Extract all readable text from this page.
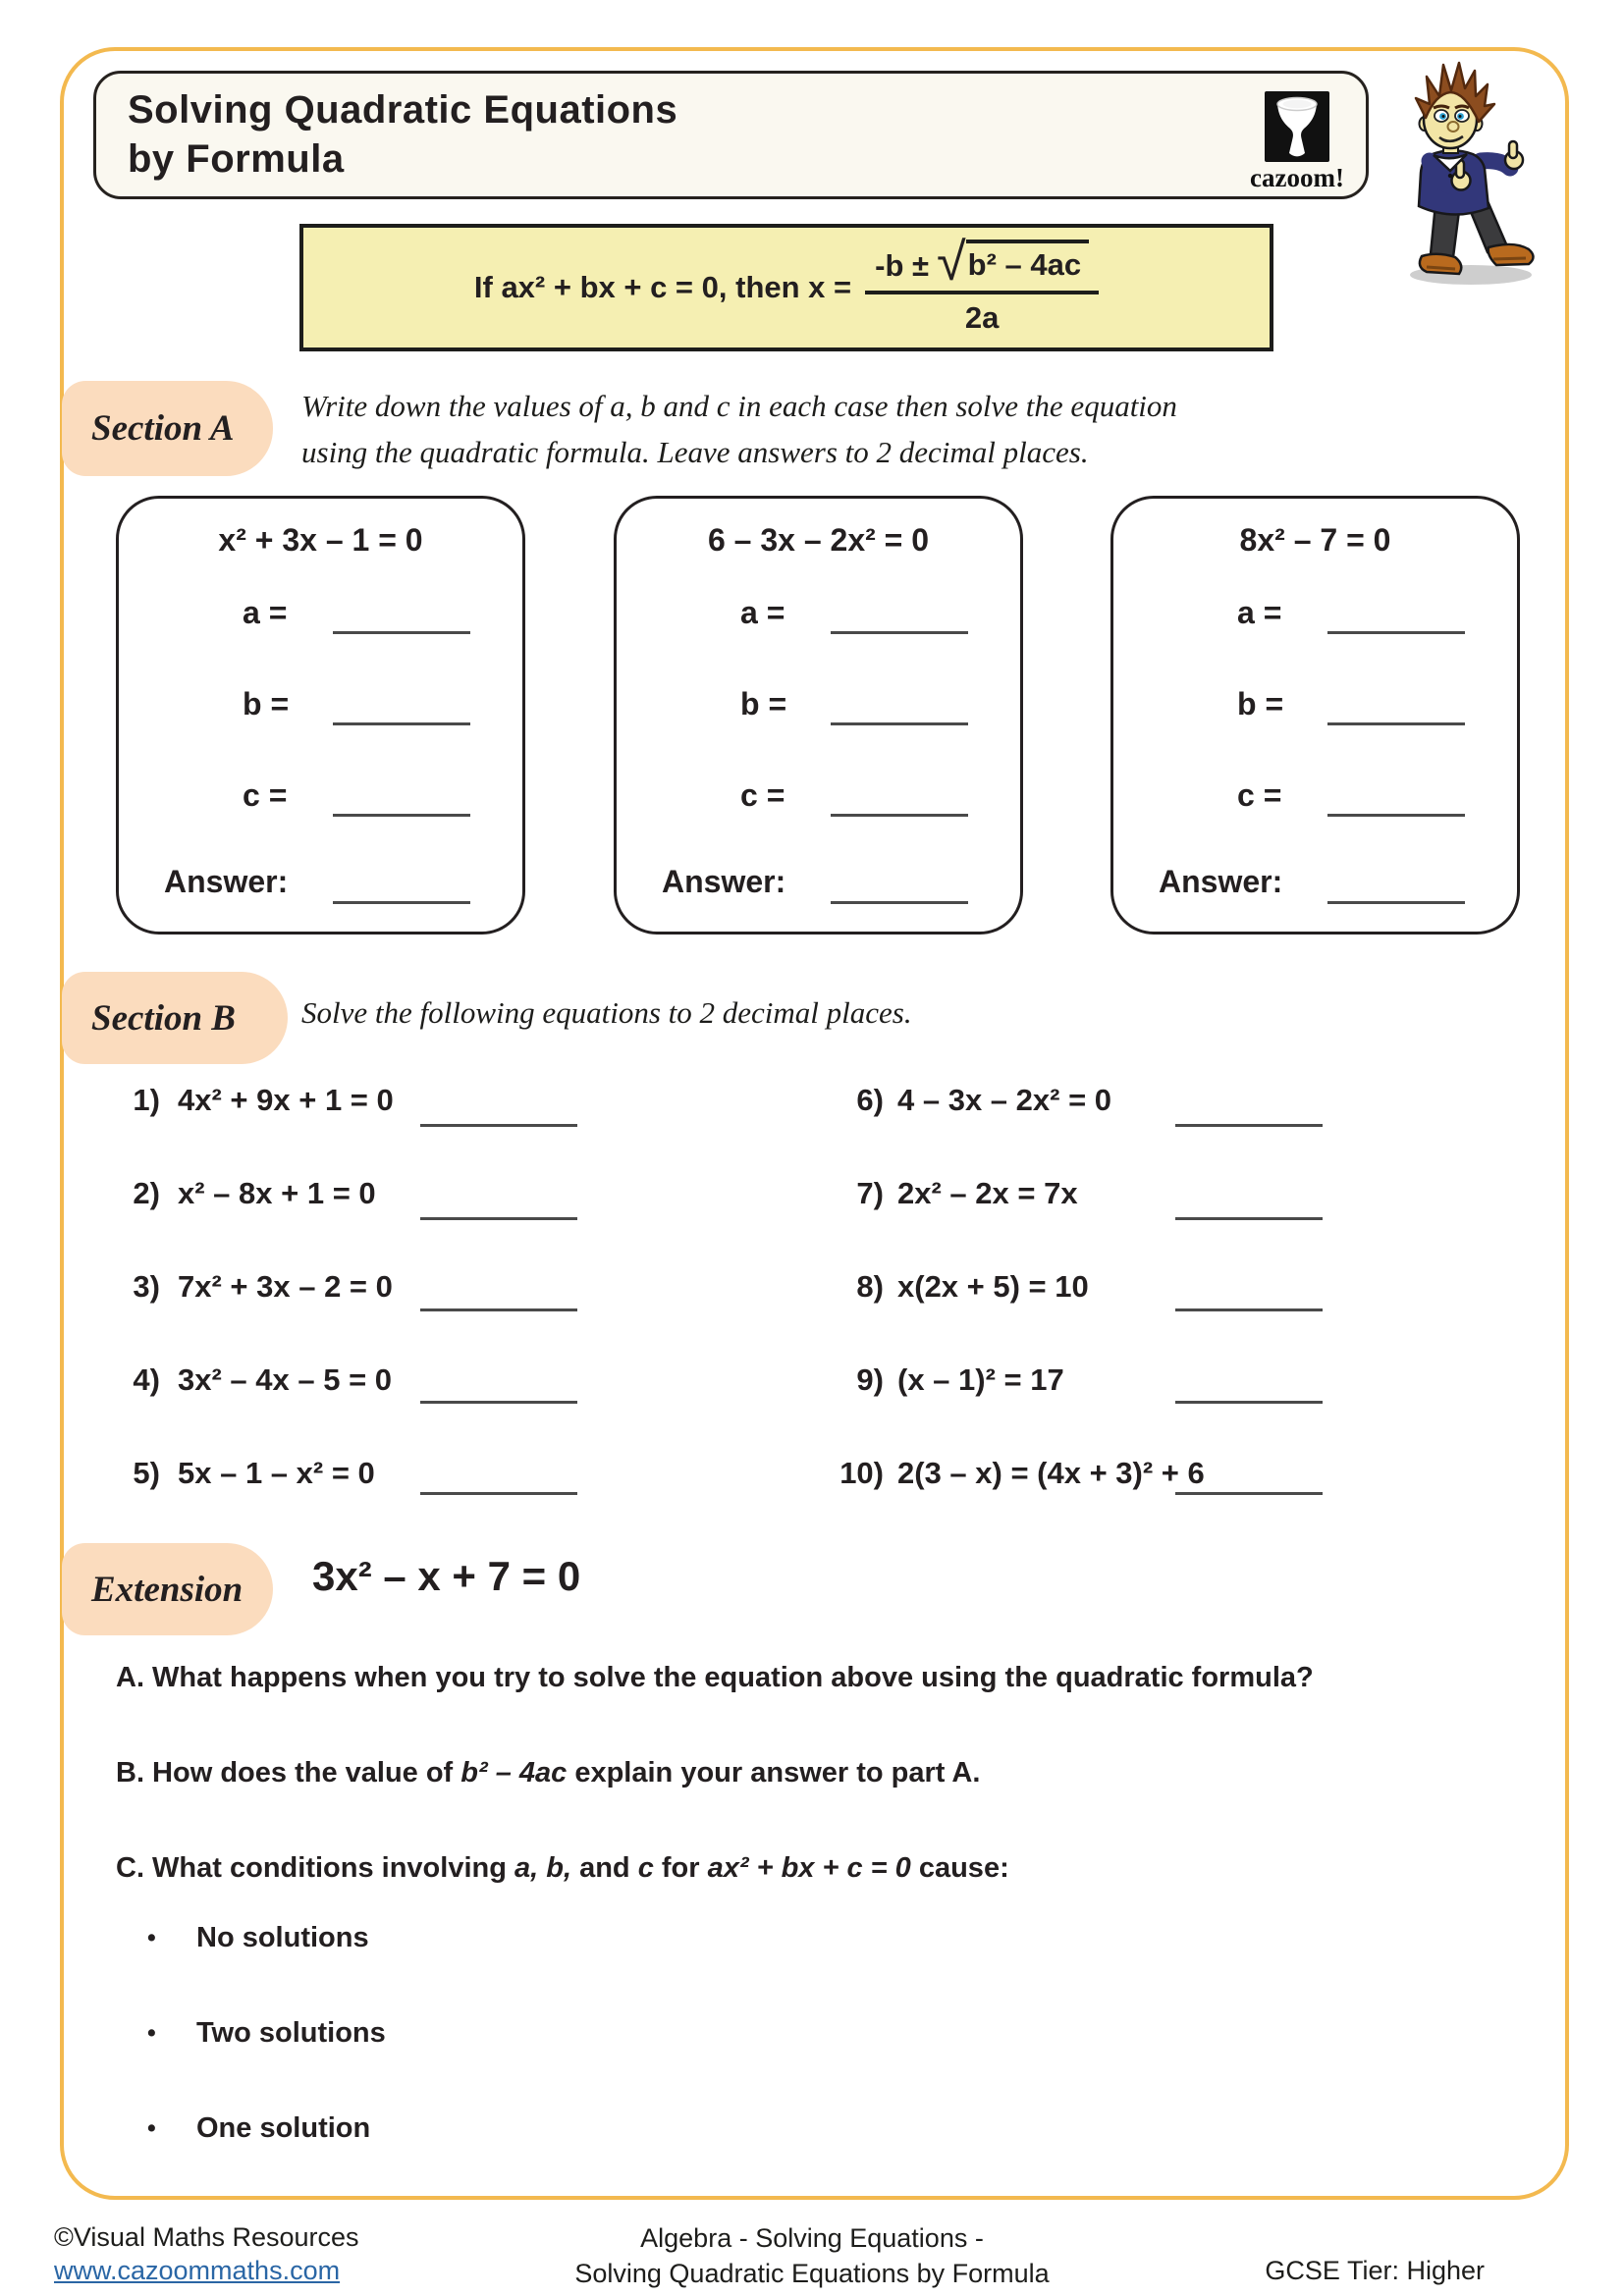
Solving Quadratic Equations
by Formula	cazoom!
If ax² + bx + c = 0, then $x = \frac{\text{-b ± √ b² – 4ac}}{2a}$
Section A
Write down the values of a, b and c in each case then solve the equation
using the quadratic formula. Leave answers to 2 decimal places.
x² + 3x – 1 = 0
a =
b =
c =
Answer:
6 – 3x – 2x² = 0
a =
b =
c =
Answer:
8x² – 7 = 0
a =
b =
c =
Answer:
Section B Solve the following equations to 2 decimal places.
1) 4x² + 9x + 1 = 0
2) x² – 8x + 1 = 0
3) 7x² + 3x – 2 = 0
4) 3x² – 4x – 5 = 0
5) 5x – 1 – x² = 0
6) 4 – 3x – 2x² = 0
7) 2x² – 2x = 7x
8) x(2x + 5) = 10
9) (x – 1)² = 17
10) 2(3 – x) = (4x + 3)² + 6
Extension 3x² – x + 7 = 0
A. What happens when you try to solve the equation above using the quadratic formula?
B. How does the value of b² – 4ac explain your answer to part A.
C. What conditions involving a, b, and c for ax² + bx + c = 0 cause:
•	No solutions
•	Two solutions
•	One solution
©Visual Maths Resources
www.cazoommaths.com
Algebra - Solving Equations -
Solving Quadratic Equations by Formula	GCSE Tier: Higher
